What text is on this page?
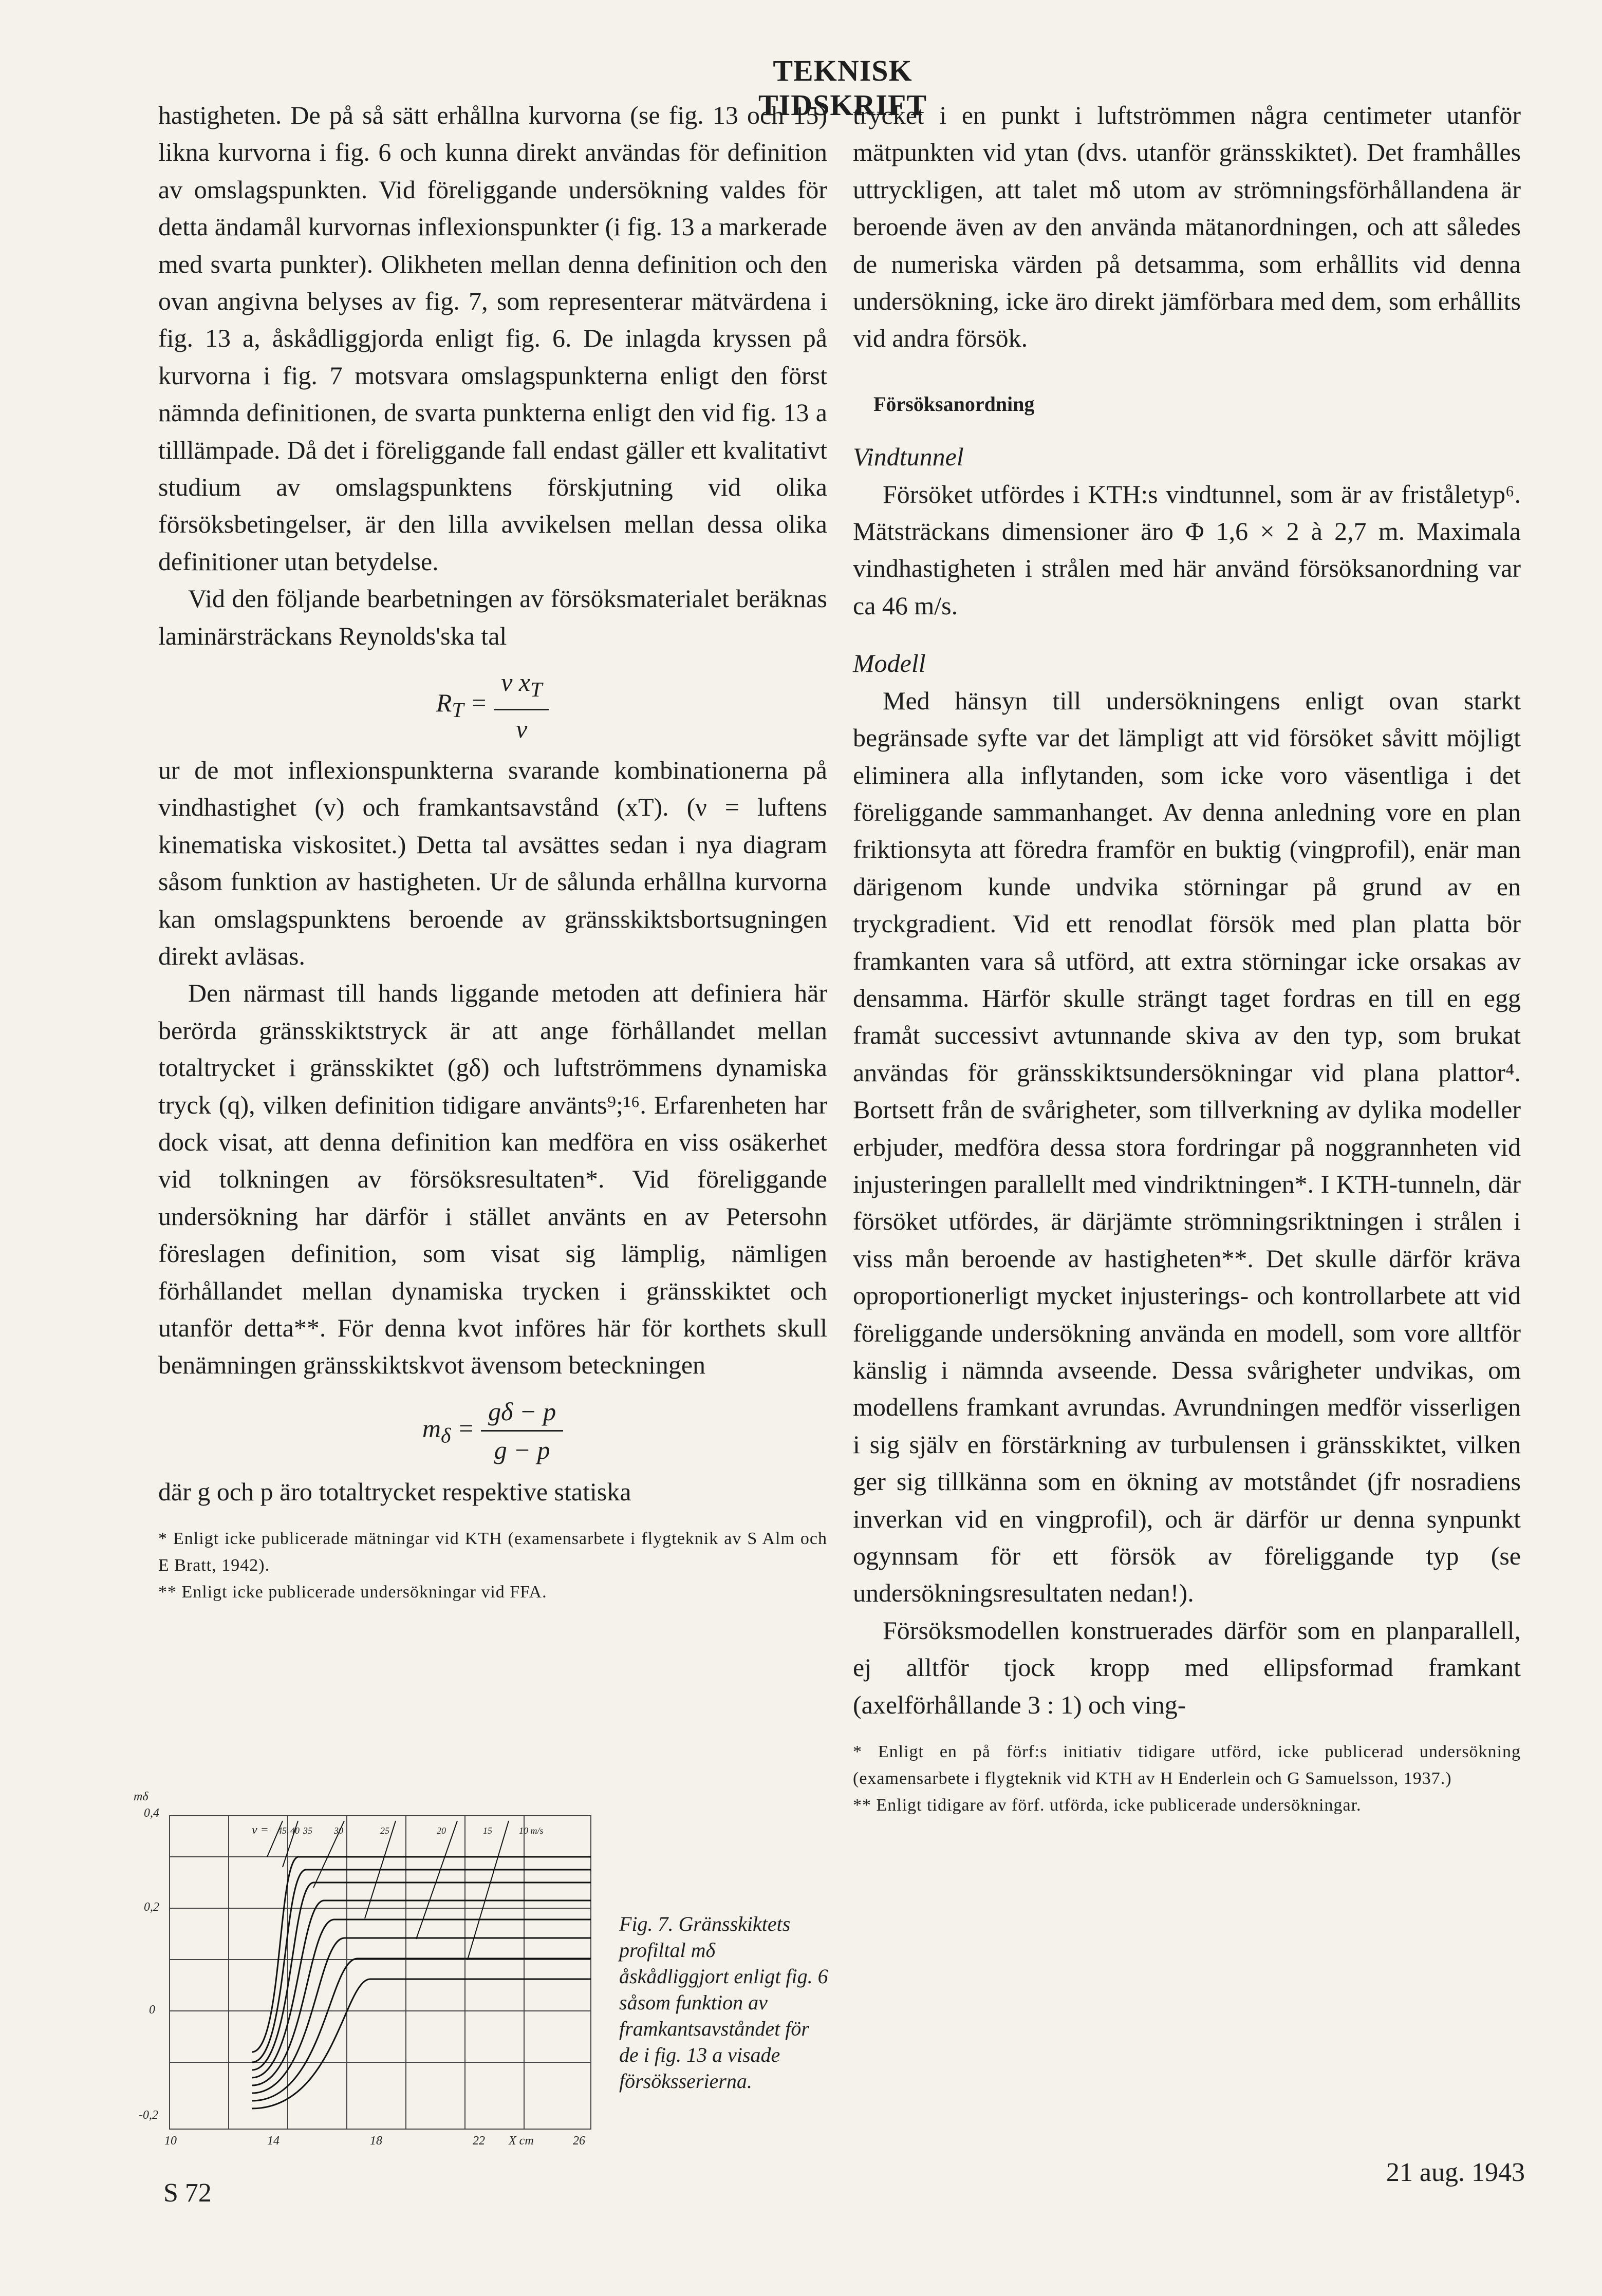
TEKNISK TIDSKRIFT

hastigheten. De på så sätt erhållna kurvorna (se fig. 13 och 15) likna kurvorna i fig. 6 och kunna direkt användas för definition av omslagspunkten. Vid föreliggande undersökning valdes för detta ändamål kurvornas inflexionspunkter (i fig. 13 a markerade med svarta punkter). Olikheten mellan denna definition och den ovan angivna belyses av fig. 7, som representerar mätvärdena i fig. 13 a, åskådliggjorda enligt fig. 6. De inlagda kryssen på kurvorna i fig. 7 motsvara omslagspunkterna enligt den först nämnda definitionen, de svarta punkterna enligt den vid fig. 13 a tilllämpade. Då det i föreliggande fall endast gäller ett kvalitativt studium av omslagspunktens förskjutning vid olika försöksbetingelser, är den lilla avvikelsen mellan dessa olika definitioner utan betydelse.

Vid den följande bearbetningen av försöksmaterialet beräknas laminärsträckans Reynolds'ska tal

$R_T = \frac{v x_T}{\nu}$

ur de mot inflexionspunkterna svarande kombinationerna på vindhastighet (v) och framkantsavstånd (xT). (ν = luftens kinematiska viskositet.) Detta tal avsättes sedan i nya diagram såsom funktion av hastigheten. Ur de sålunda erhållna kurvorna kan omslagspunktens beroende av gränsskiktsbortsugningen direkt avläsas.

Den närmast till hands liggande metoden att definiera här berörda gränsskiktstryck är att ange förhållandet mellan totaltrycket i gränsskiktet (gδ) och luftströmmens dynamiska tryck (q), vilken definition tidigare använts⁹;¹⁶. Erfarenheten har dock visat, att denna definition kan medföra en viss osäkerhet vid tolkningen av försöksresultaten*. Vid föreliggande undersökning har därför i stället använts en av Petersohn föreslagen definition, som visat sig lämplig, nämligen förhållandet mellan dynamiska trycken i gränsskiktet och utanför detta**. För denna kvot införes här för korthets skull benämningen gränsskiktskvot ävensom beteckningen

$m_\delta = \frac{g\delta - p}{g - p}$

där g och p äro totaltrycket respektive statiska

* Enligt icke publicerade mätningar vid KTH (examensarbete i flygteknik av S Alm och E Bratt, 1942).
** Enligt icke publicerade undersökningar vid FFA.

trycket i en punkt i luftströmmen några centimeter utanför mätpunkten vid ytan (dvs. utanför gränsskiktet). Det framhålles uttryckligen, att talet mδ utom av strömningsförhållandena är beroende även av den använda mätanordningen, och att således de numeriska värden på detsamma, som erhållits vid denna undersökning, icke äro direkt jämförbara med dem, som erhållits vid andra försök.

Försöksanordning

Vindtunnel

Försöket utfördes i KTH:s vindtunnel, som är av friståletyp⁶. Mätsträckans dimensioner äro Φ 1,6 × 2 à 2,7 m. Maximala vindhastigheten i strålen med här använd försöksanordning var ca 46 m/s.

Modell

Med hänsyn till undersökningens enligt ovan starkt begränsade syfte var det lämpligt att vid försöket såvitt möjligt eliminera alla inflytanden, som icke voro väsentliga i det föreliggande sammanhanget. Av denna anledning vore en plan friktionsyta att föredra framför en buktig (vingprofil), enär man därigenom kunde undvika störningar på grund av en tryckgradient. Vid ett renodlat försök med plan platta bör framkanten vara så utförd, att extra störningar icke orsakas av densamma. Härför skulle strängt taget fordras en till en egg framåt successivt avtunnande skiva av den typ, som brukat användas för gränsskiktsundersökningar vid plana plattor⁴. Bortsett från de svårigheter, som tillverkning av dylika modeller erbjuder, medföra dessa stora fordringar på noggrannheten vid injusteringen parallellt med vindriktningen*. I KTH-tunneln, där försöket utfördes, är därjämte strömningsriktningen i strålen i viss mån beroende av hastigheten**. Det skulle därför kräva oproportionerligt mycket injusterings- och kontrollarbete att vid föreliggande undersökning använda en modell, som vore alltför känslig i nämnda avseende. Dessa svårigheter undvikas, om modellens framkant avrundas. Avrundningen medför visserligen i sig själv en förstärkning av turbulensen i gränsskiktet, vilken ger sig tillkänna som en ökning av motståndet (jfr nosradiens inverkan vid en vingprofil), och är därför ur denna synpunkt ogynnsam för ett försök av föreliggande typ (se undersökningsresultaten nedan!).

Försöksmodellen konstruerades därför som en planparallell, ej alltför tjock kropp med ellipsformad framkant (axelförhållande 3 : 1) och ving-

* Enligt en på förf:s initiativ tidigare utförd, icke publicerad undersökning (examensarbete i flygteknik vid KTH av H Enderlein och G Samuelsson, 1937.)
** Enligt tidigare av förf. utförda, icke publicerade undersökningar.
mδ
0,4
0,2
0
-0,2
10	14	18	22 X cm	26
v = 45 40 35 30	25	20	15	10 m/s
Fig. 7. Gränsskiktets profiltal mδ åskådliggjort enligt fig. 6 såsom funktion av framkantsavståndet för de i fig. 13 a visade försöksserierna.
S 72
21 aug. 1943
